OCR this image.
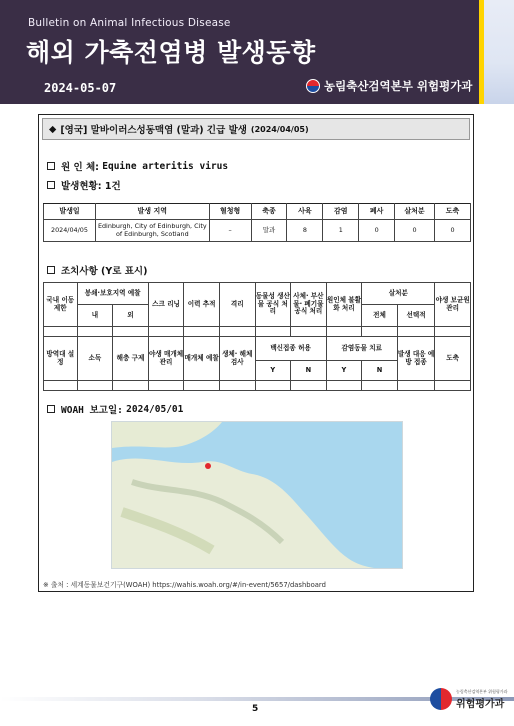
Bulletin on Animal Infectious Disease
해외 가축전염병 발생동향
2024-05-07	농림축산검역본부 위험평가과
◆ [영국] 말바이러스성동맥염 (말과) 긴급 발생 (2024/04/05)
원 인 체:
Equine arteritis virus
발생현황:
1건
발생일	발생 지역	혈청형	축종	사육	감염	폐사	살처분	도축
2024/04/05	Edinburgh, City of Edinburgh, City of Edinburgh, Scotland	–	말과	8	1	0	0	0
조치사항 (Y로 표시)
국내 이동 제한	봉쇄·보호지역 예찰		스크 리닝	이력 추적	격리	동물성 생산물 공식 처리	사체· 부산물· 폐기물 공식 처리	원인체 불활화 처리	살처분		야생 보균원 관리
	내	외							전체	선택적	

방역대 설정	소독	해충 구제	야생 매개체 관리	매개체 예찰	생체· 해체 검사	백신접종 허용		감염동물 치료		발생 대응 예방 접종	도축
						Y	N	Y	N		

WOAH 보고일:
2024/05/01
※ 출처 : 세계동물보건기구(WOAH) https://wahis.woah.org/#/in-event/5657/dashboard
5
농림축산검역본부 위험평가과
위험평가과
